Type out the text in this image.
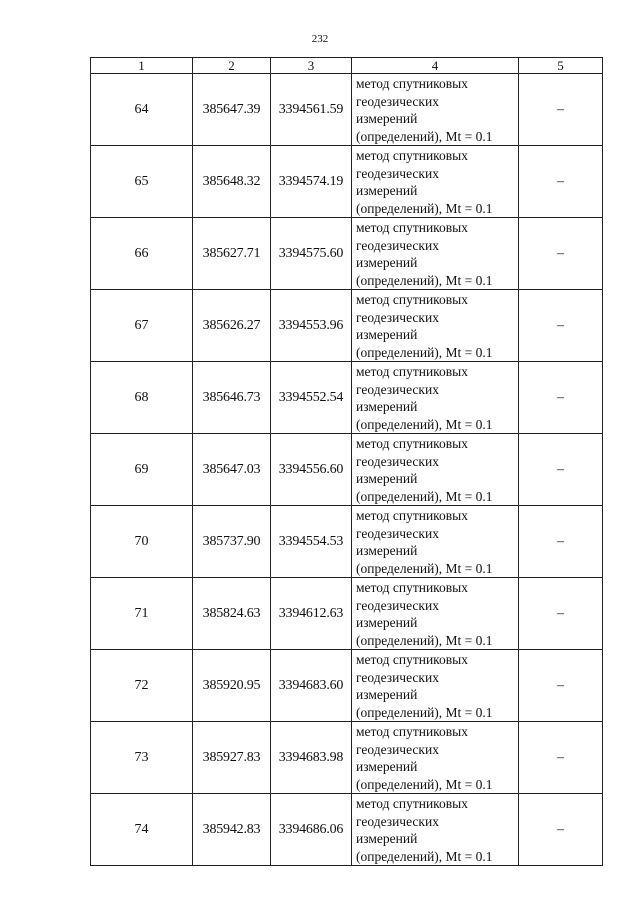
232
1	2	3	4	5
64	385647.39	3394561.59	метод спутниковых
геодезических
измерений
(определений), Mt = 0.1	–
65	385648.32	3394574.19	метод спутниковых
геодезических
измерений
(определений), Mt = 0.1	–
66	385627.71	3394575.60	метод спутниковых
геодезических
измерений
(определений), Mt = 0.1	–
67	385626.27	3394553.96	метод спутниковых
геодезических
измерений
(определений), Mt = 0.1	–
68	385646.73	3394552.54	метод спутниковых
геодезических
измерений
(определений), Mt = 0.1	–
69	385647.03	3394556.60	метод спутниковых
геодезических
измерений
(определений), Mt = 0.1	–
70	385737.90	3394554.53	метод спутниковых
геодезических
измерений
(определений), Mt = 0.1	–
71	385824.63	3394612.63	метод спутниковых
геодезических
измерений
(определений), Mt = 0.1	–
72	385920.95	3394683.60	метод спутниковых
геодезических
измерений
(определений), Mt = 0.1	–
73	385927.83	3394683.98	метод спутниковых
геодезических
измерений
(определений), Mt = 0.1	–
74	385942.83	3394686.06	метод спутниковых
геодезических
измерений
(определений), Mt = 0.1	–
